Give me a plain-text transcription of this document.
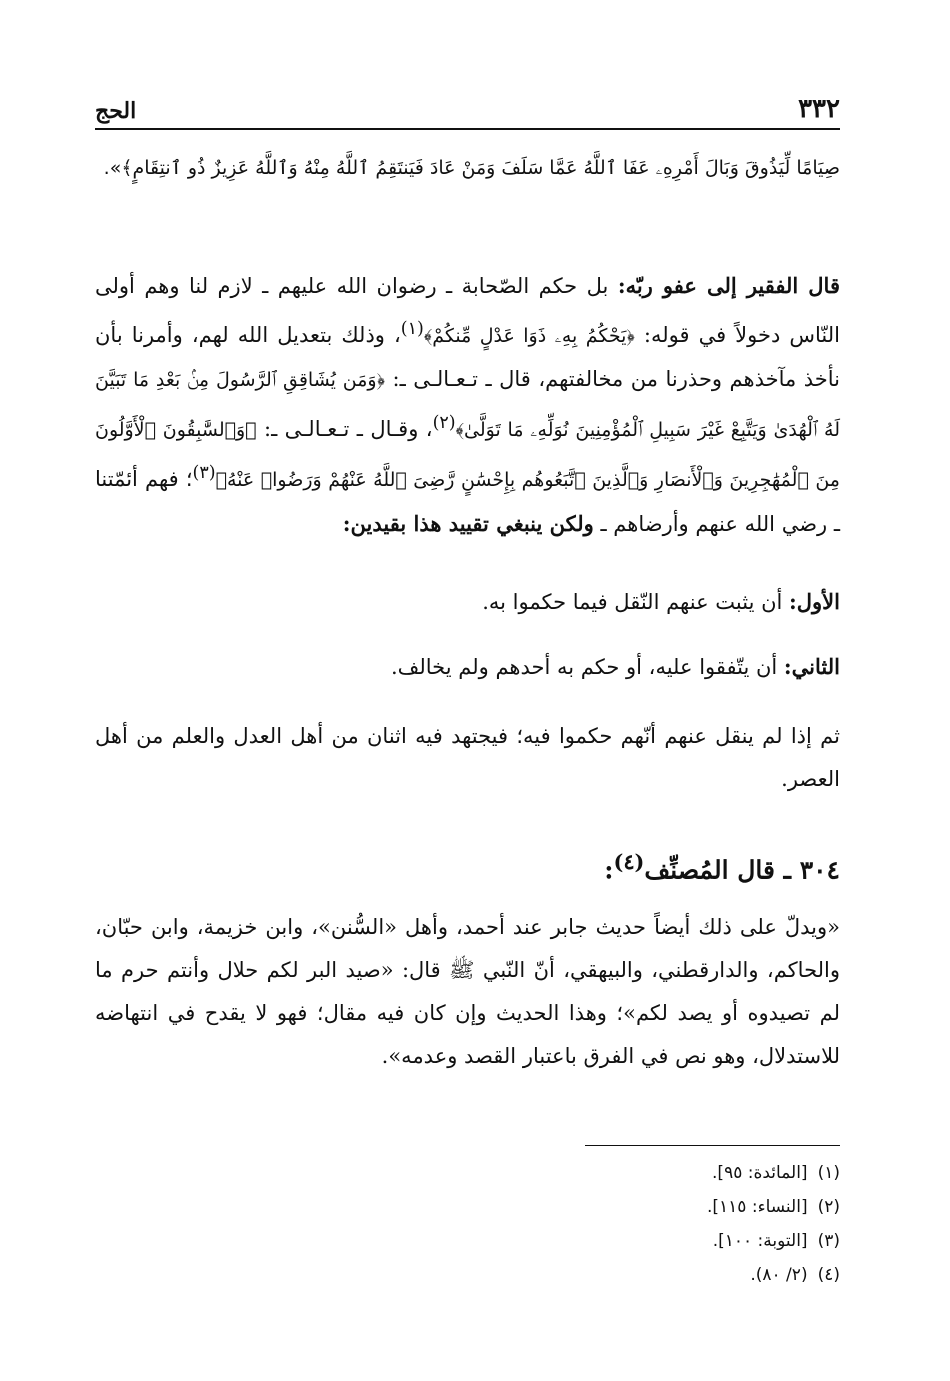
٣٣٢
الحج

صِيَامًا لِّيَذُوقَ وَبَالَ أَمْرِهِۦ عَفَا ٱللَّهُ عَمَّا سَلَفَ وَمَنْ عَادَ فَيَنتَقِمُ ٱللَّهُ مِنْهُ وَٱللَّهُ عَزِيزٌ ذُو ٱنتِقَامٍ﴾».

قال الفقير إلى عفو ربّه: بل حكم الصّحابة ـ رضوان الله عليهم ـ لازم لنا وهم أولى النّاس دخولاً في قوله: ﴿يَحْكُمُ بِهِۦ ذَوَا عَدْلٍ مِّنكُمْ﴾$^{(١)}$، وذلك بتعديل الله لهم، وأمرنا بأن نأخذ مآخذهم وحذرنا من مخالفتهم، قال ـ تـعـالـى ـ: ﴿وَمَن يُشَاقِقِ ٱلرَّسُولَ مِنۢ بَعْدِ مَا تَبَيَّنَ لَهُ ٱلْهُدَىٰ وَيَتَّبِعْ غَيْرَ سَبِيلِ ٱلْمُؤْمِنِينَ نُوَلِّهِۦ مَا تَوَلَّىٰ﴾$^{(٢)}$، وقـال ـ تـعـالـى ـ: ﴿وَٱلسَّٰبِقُونَ ٱلْأَوَّلُونَ مِنَ ٱلْمُهَٰجِرِينَ وَٱلْأَنصَارِ وَٱلَّذِينَ ٱتَّبَعُوهُم بِإِحْسَٰنٍ رَّضِىَ ٱللَّهُ عَنْهُمْ وَرَضُوا۟ عَنْهُ﴾$^{(٣)}$؛ فهم أئمّتنا ـ رضي الله عنهم وأرضاهم ـ ولكن ينبغي تقييد هذا بقيدين:

الأول: أن يثبت عنهم النّقل فيما حكموا به.

الثاني: أن يتّفقوا عليه، أو حكم به أحدهم ولم يخالف.

ثم إذا لم ينقل عنهم أنّهم حكموا فيه؛ فيجتهد فيه اثنان من أهل العدل والعلم من أهل العصر.

٣٠٤ ـ قال المُصنِّف$^{(٤)}$:

«ويدلّ على ذلك أيضاً حديث جابر عند أحمد، وأهل «السُّنن»، وابن خزيمة، وابن حبّان، والحاكم، والدارقطني، والبيهقي، أنّ النّبي ﷺ قال: «صيد البر لكم حلال وأنتم حرم ما لم تصيدوه أو يصد لكم»؛ وهذا الحديث وإن كان فيه مقال؛ فهو لا يقدح في انتهاضه للاستدلال، وهو نص في الفرق باعتبار القصد وعدمه».

(١)[المائدة: ٩٥].

(٢)[النساء: ١١٥].

(٣)[التوبة: ١٠٠].

(٤)(٢/ ٨٠).
